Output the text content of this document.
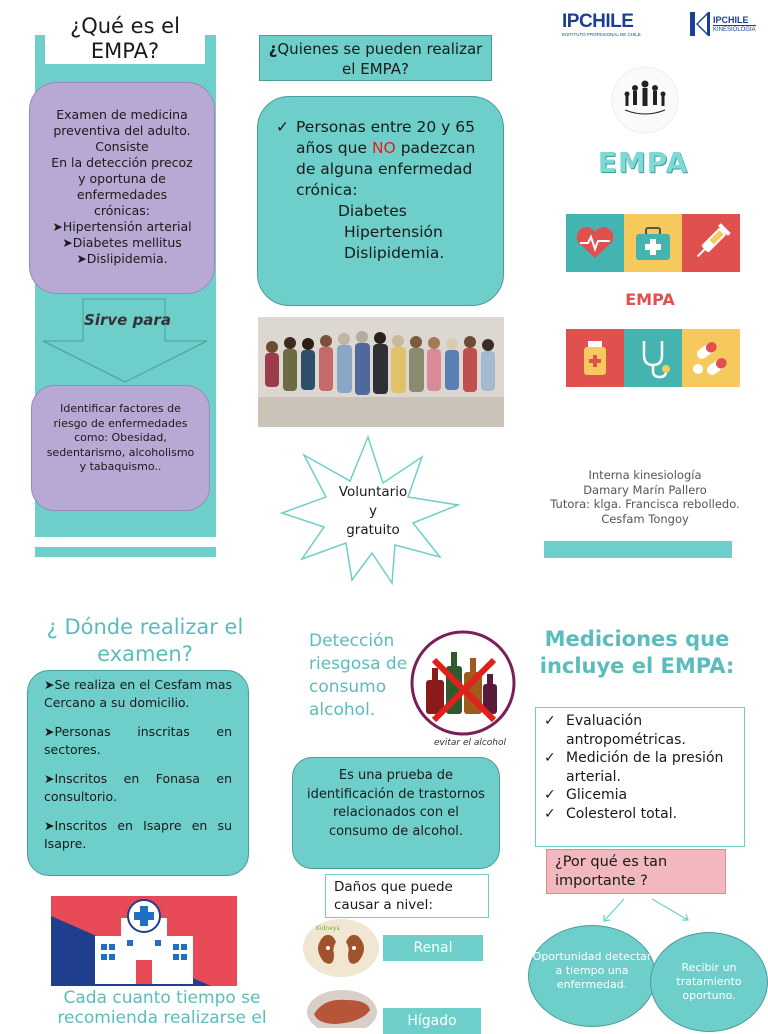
¿Qué es el EMPA?
Examen de medicina
preventiva del adulto.
Consiste
En la detección precoz
y oportuna de
enfermedades
crónicas:
➤Hipertensión arterial
➤Diabetes mellitus
➤Dislipidemia.
Sirve para
Identificar factores de riesgo de enfermedades como: Obesidad, sedentarismo, alcoholismo y tabaquismo..
¿Quienes se pueden realizar el EMPA?
✓ Personas entre 20 y 65 años que NO padezcan de alguna enfermedad crónica:
Diabetes
Hipertensión
Dislipidemia.
Voluntario
y
gratuito
IPCHILE
INSTITUTO PROFESIONAL DE CHILE
IPCHILE
KINESIOLOGÍA
EMPA
EMPA
Interna kinesiología
Damary Marín Pallero
Tutora: klga. Francisca rebolledo.
Cesfam Tongoy
¿ Dónde realizar el examen?

➤Se realiza en el Cesfam mas Cercano a su domicilio.

➤Personas inscritas en sectores.

➤Inscritos en Fonasa en consultorio.

➤Inscritos en Isapre en su Isapre.

Cada cuanto tiempo se recomienda realizarse el
Detección riesgosa de consumo alcohol.
evitar el alcohol
Es una prueba de identificación de trastornos relacionados con el consumo de alcohol.
Daños que puede causar a nivel:
Kidneys
Renal
Hígado
Mediciones que incluye el EMPA:
✓ Evaluación antropométricas.
✓ Medición de la presión arterial.
✓ Glicemia
✓ Colesterol total.
¿Por qué es tan importante ?
Oportunidad detectar a tiempo una enfermedad.
Recibir un tratamiento oportuno.
